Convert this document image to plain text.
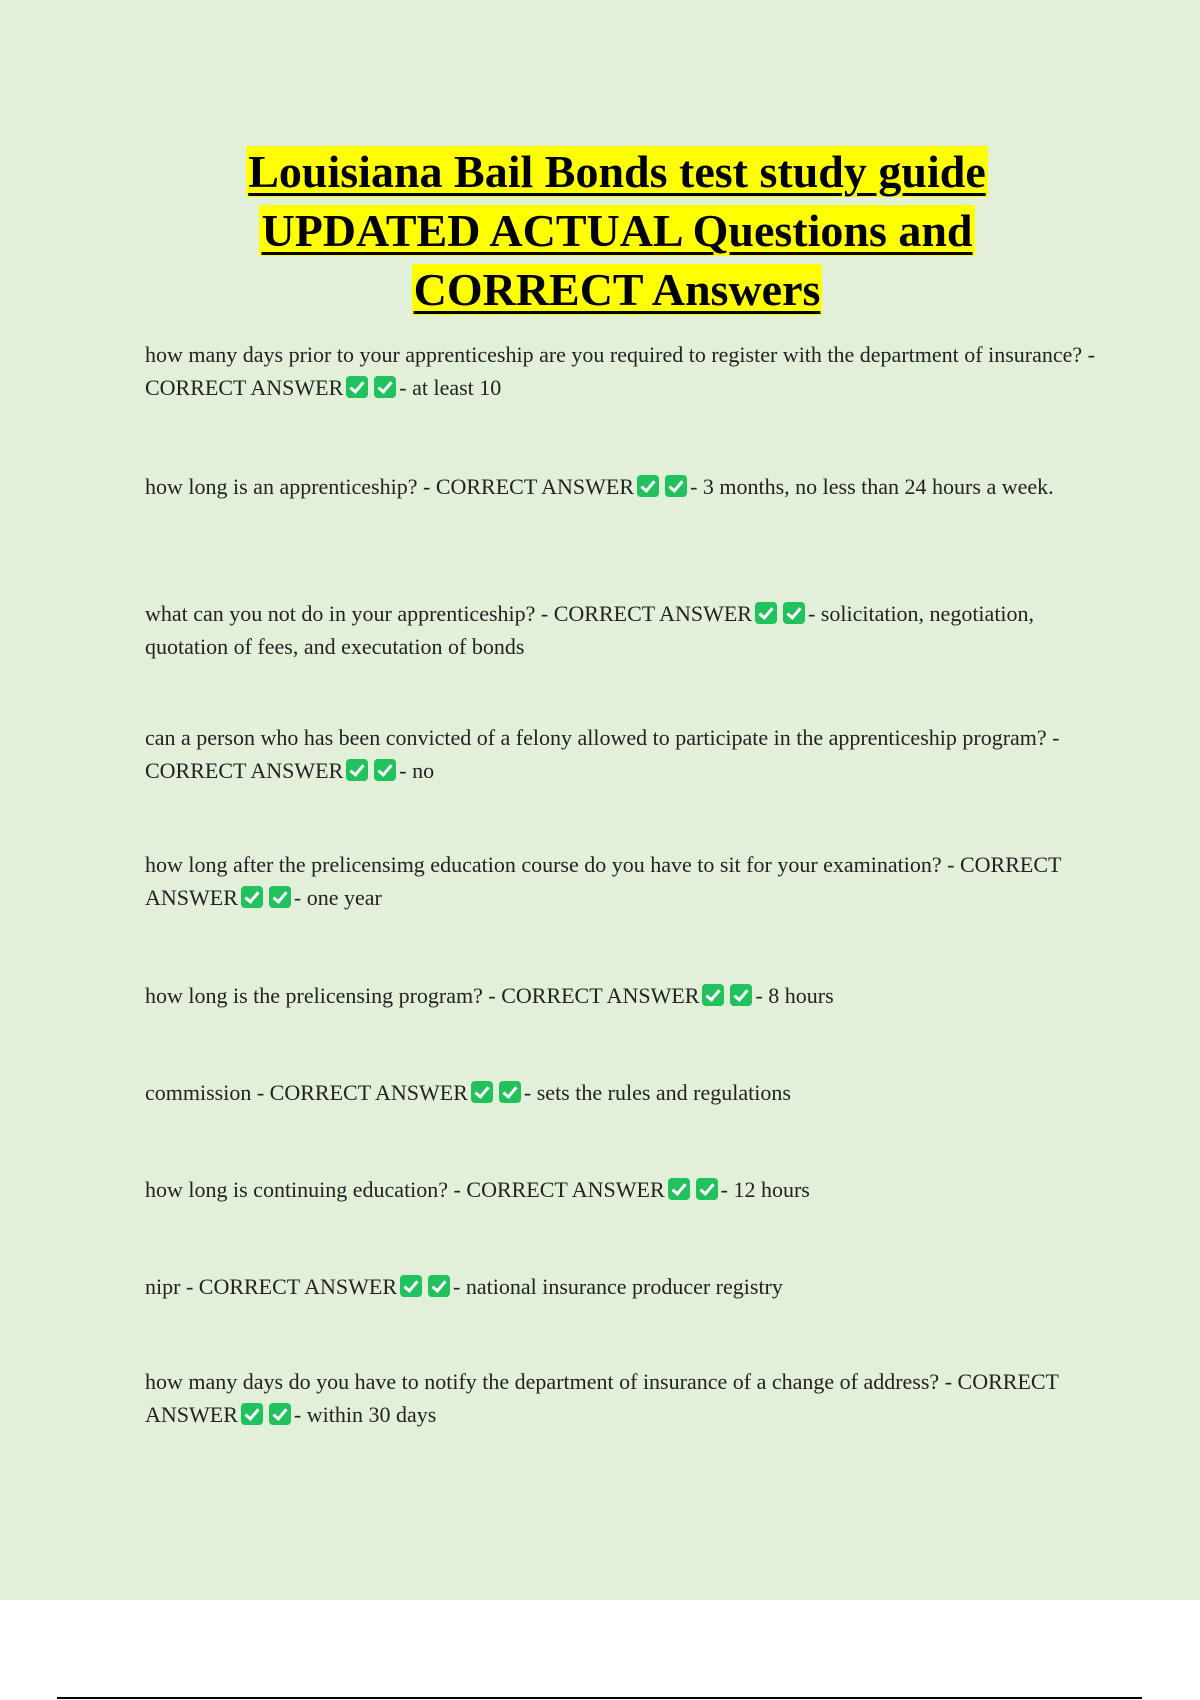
Louisiana Bail Bonds test study guide
UPDATED ACTUAL Questions and
CORRECT Answers

how many days prior to your apprenticeship are you required to register with the department of insurance? - CORRECT ANSWER	- at least 10

how long is an apprenticeship? - CORRECT ANSWER	- 3 months, no less than 24 hours a week.

what can you not do in your apprenticeship? - CORRECT ANSWER	- solicitation, negotiation, quotation of fees, and executation of bonds

can a person who has been convicted of a felony allowed to participate in the apprenticeship program? - CORRECT ANSWER	- no

how long after the prelicensimg education course do you have to sit for your examination? - CORRECT ANSWER	- one year

how long is the prelicensing program? - CORRECT ANSWER	- 8 hours

commission - CORRECT ANSWER	- sets the rules and regulations

how long is continuing education? - CORRECT ANSWER	- 12 hours

nipr - CORRECT ANSWER	- national insurance producer registry

how many days do you have to notify the department of insurance of a change of address? - CORRECT ANSWER	- within 30 days
